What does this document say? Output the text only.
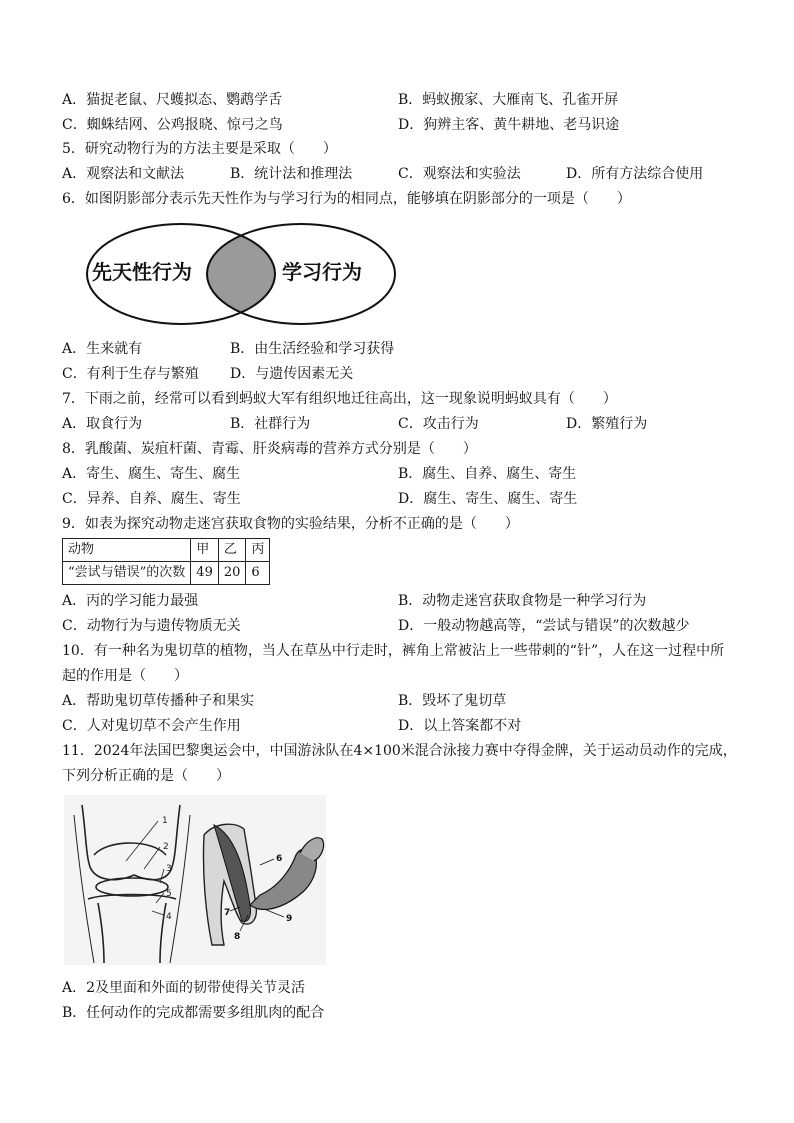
A．猫捉老鼠、尺蠖拟态、鹦鹉学舌	B．蚂蚁搬家、大雁南飞、孔雀开屏
C．蜘蛛结网、公鸡报晓、惊弓之鸟	D．狗辨主客、黄牛耕地、老马识途
5．研究动物行为的方法主要是采取（　　）
A．观察法和文献法	B．统计法和推理法	C．观察法和实验法	D．所有方法综合使用
6．如图阴影部分表示先天性作为与学习行为的相同点，能够填在阴影部分的一项是（　　）
先天性行为	学习行为
A．生来就有	B．由生活经验和学习获得
C．有利于生存与繁殖 D．与遗传因素无关
7．下雨之前，经常可以看到蚂蚁大军有组织地迁往高出，这一现象说明蚂蚁具有（　　）
A．取食行为	B．社群行为	C．攻击行为	D．繁殖行为
8．乳酸菌、炭疽杆菌、青霉、肝炎病毒的营养方式分别是（　　）
A．寄生、腐生、寄生、腐生	B．腐生、自养、腐生、寄生
C．异养、自养、腐生、寄生	D．腐生、寄生、腐生、寄生
9．如表为探究动物走迷宫获取食物的实验结果，分析不正确的是（　　）
动物	甲	乙	丙
“尝试与错误”的次数	49	20	6
A．丙的学习能力最强	B．动物走迷宫获取食物是一种学习行为
C．动物行为与遗传物质无关	D．一般动物越高等，“尝试与错误”的次数越少
10．有一种名为鬼切草的植物，当人在草丛中行走时，裤角上常被沾上一些带刺的“针”，人在这一过程中所
起的作用是（　　）
A．帮助鬼切草传播种子和果实	B．毁坏了鬼切草
C．人对鬼切草不会产生作用	D．以上答案都不对
11．2024年法国巴黎奥运会中，中国游泳队在4×100米混合泳接力赛中夺得金牌，关于运动员动作的完成，
下列分析正确的是（　　）
1
2
3
4
5
6
7
8
9
A．2及里面和外面的韧带使得关节灵活
B．任何动作的完成都需要多组肌肉的配合
